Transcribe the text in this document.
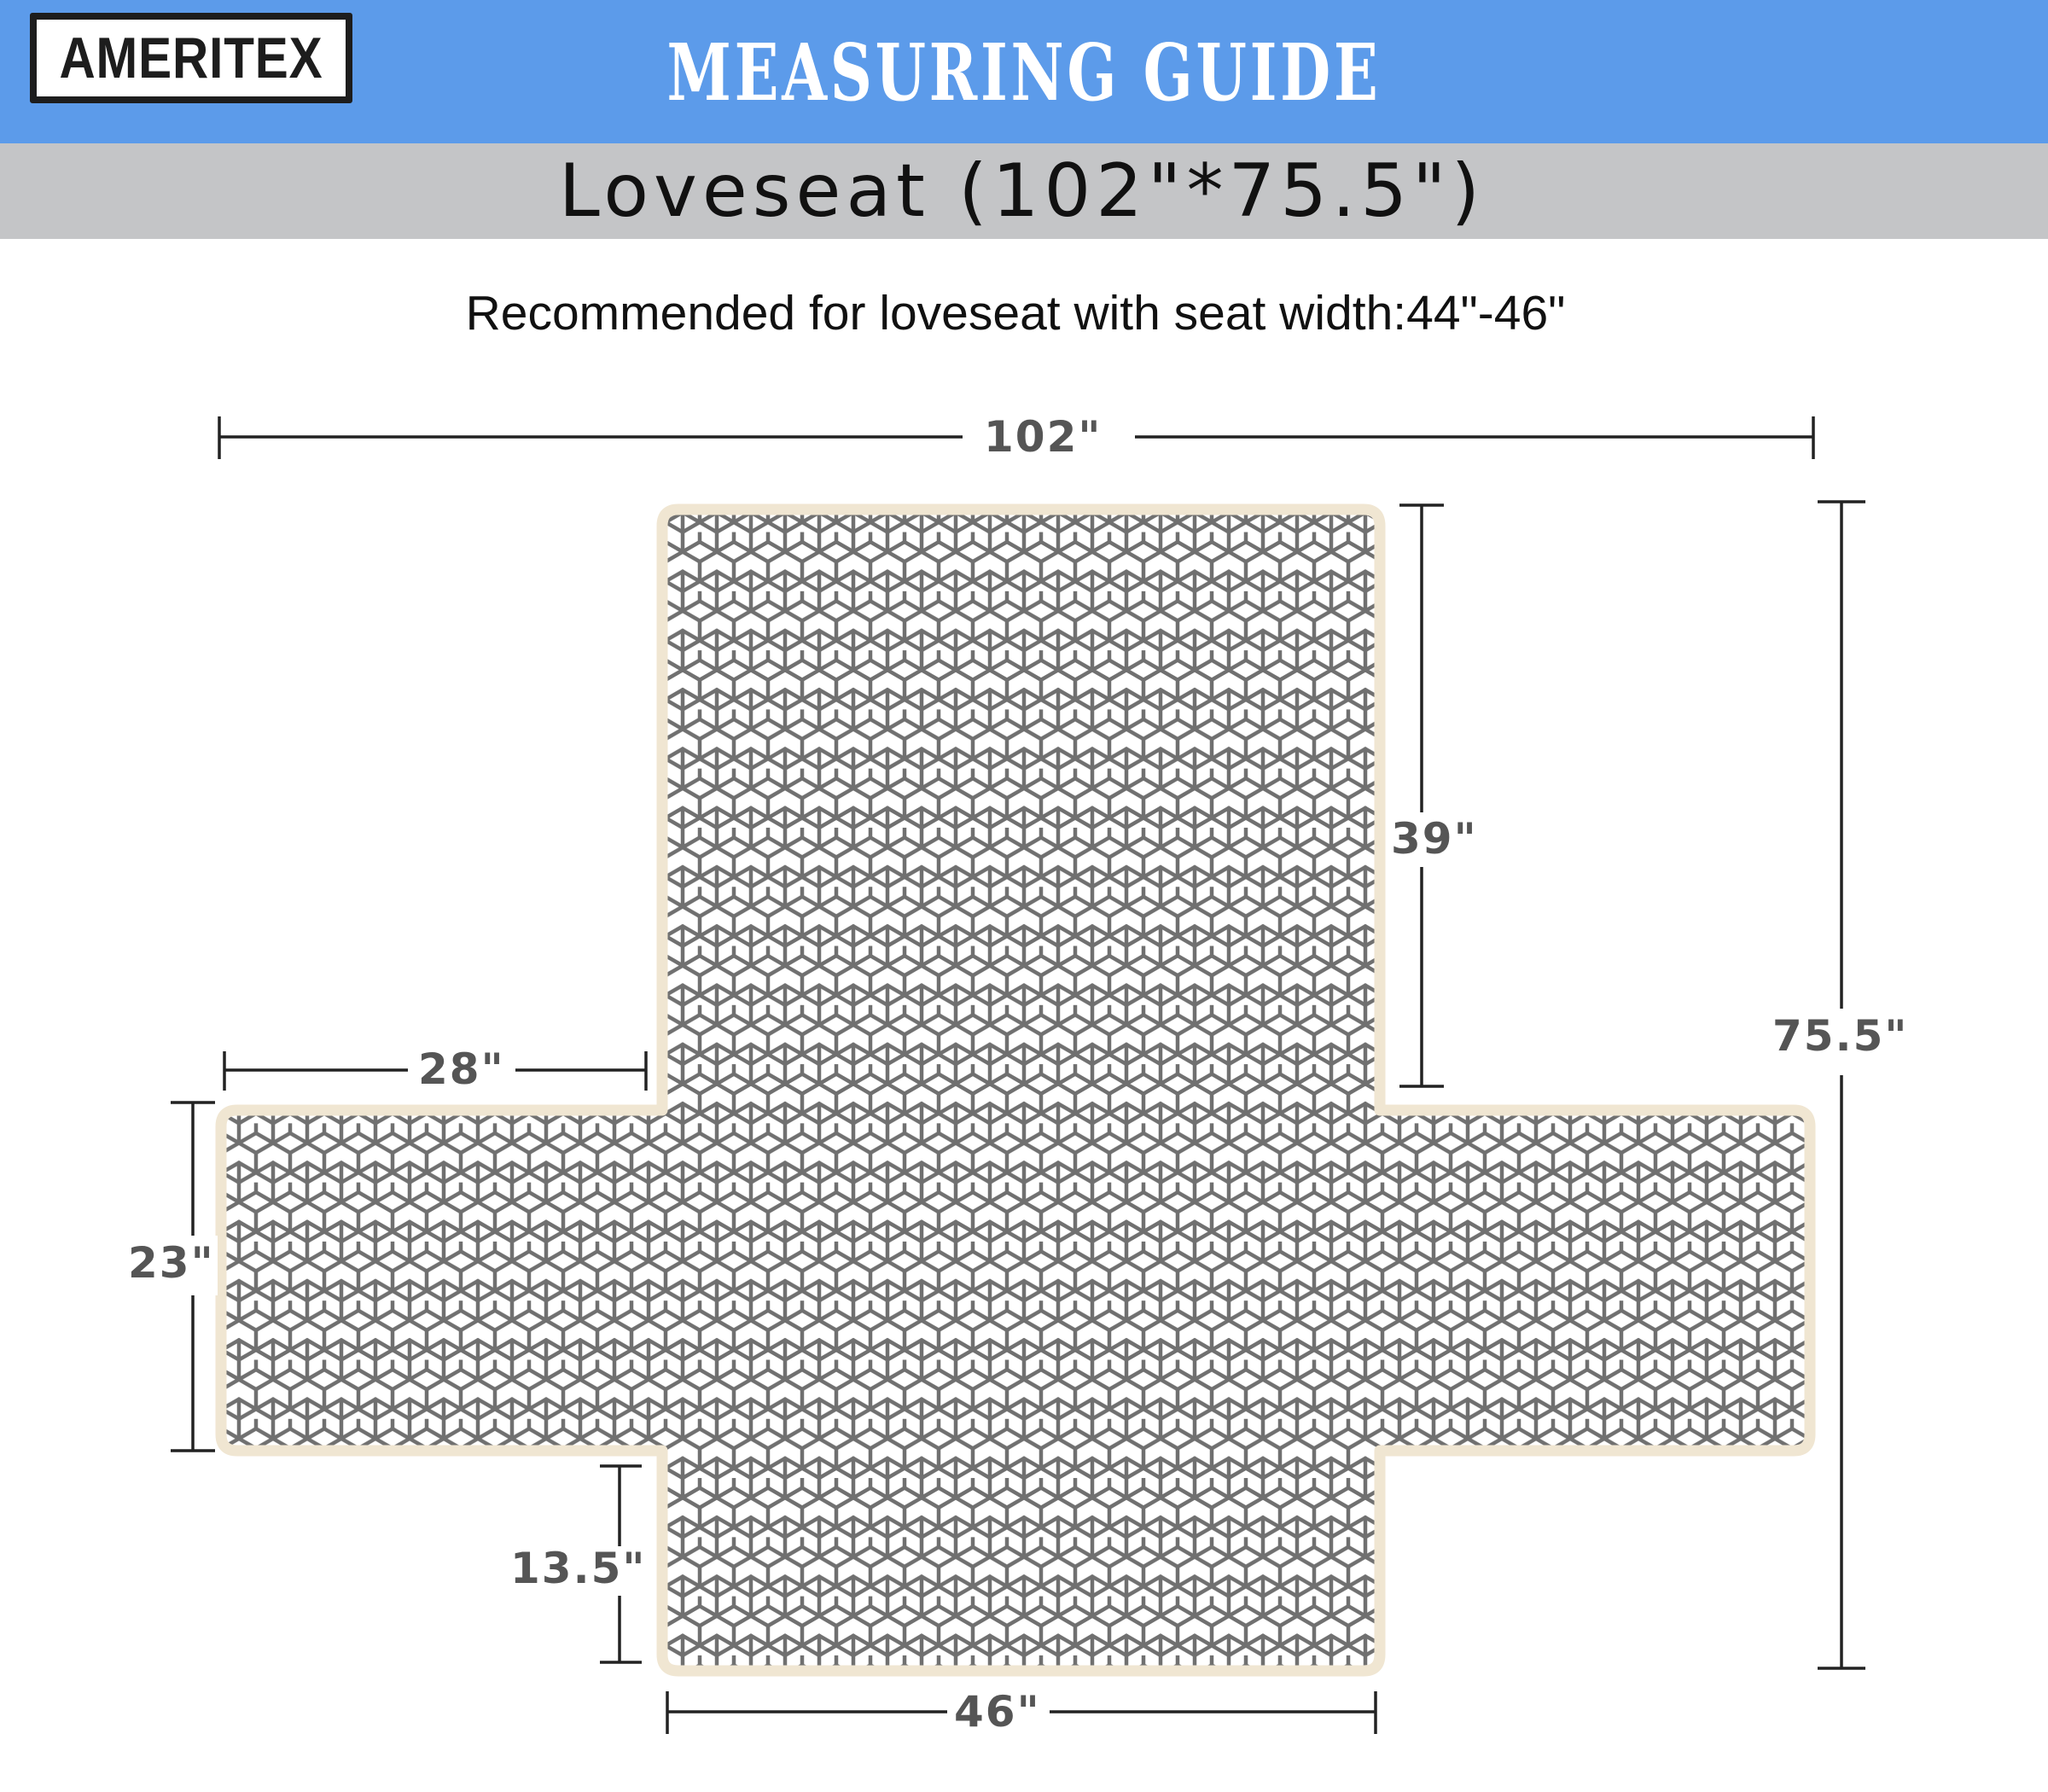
AMERITEX	MEASURING GUIDE
Loveseat (102"*75.5")
Recommended for loveseat with seat width:44"-46"
102"
75.5"
39"
28"
23"
13.5"
46"
